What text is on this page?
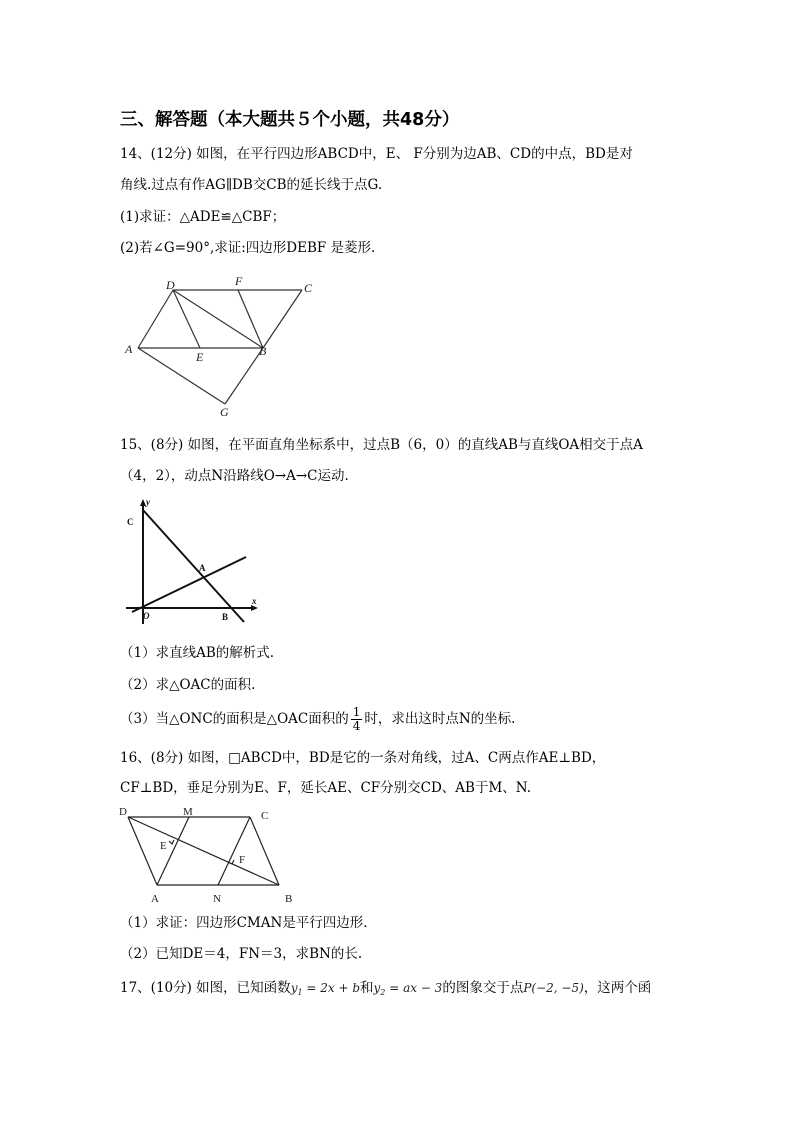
三、解答题（本大题共５个小题，共48分）
14、(12分) 如图，在平行四边形ABCD中，E、 F分别为边AB、CD的中点，BD是对
角线.过点有作AG∥DB交CB的延长线于点G.
(1)求证：△ADE≌△CBF；
(2)若∠G=90°,求证:四边形DEBF 是菱形.
D	F	C
A
E	B
G
15、(8分) 如图，在平面直角坐标系中，过点B（6，0）的直线AB与直线OA相交于点A
（4，2），动点N沿路线O→A→C运动.
y
x
C
A
O	B
（1）求直线AB的解析式.
（2）求△OAC的面积.
（3）当△ONC的面积是△OAC面积的 $\frac{1}{4}$ 时，求出这时点N的坐标.
16、(8分) 如图，□ABCD中，BD是它的一条对角线，过A、C两点作AE⊥BD，
CF⊥BD，垂足分别为E、F，延长AE、CF分别交CD、AB于M、N.
D	M	C
E
F
A	N	B
（1）求证：四边形CMAN是平行四边形.
（2）已知DE＝4，FN＝3，求BN的长.
17、(10分) 如图，已知函数$y_1 = 2x + b$和$y_2$ = ax − 3的图象交于点P(−2, −5)，这两个函
